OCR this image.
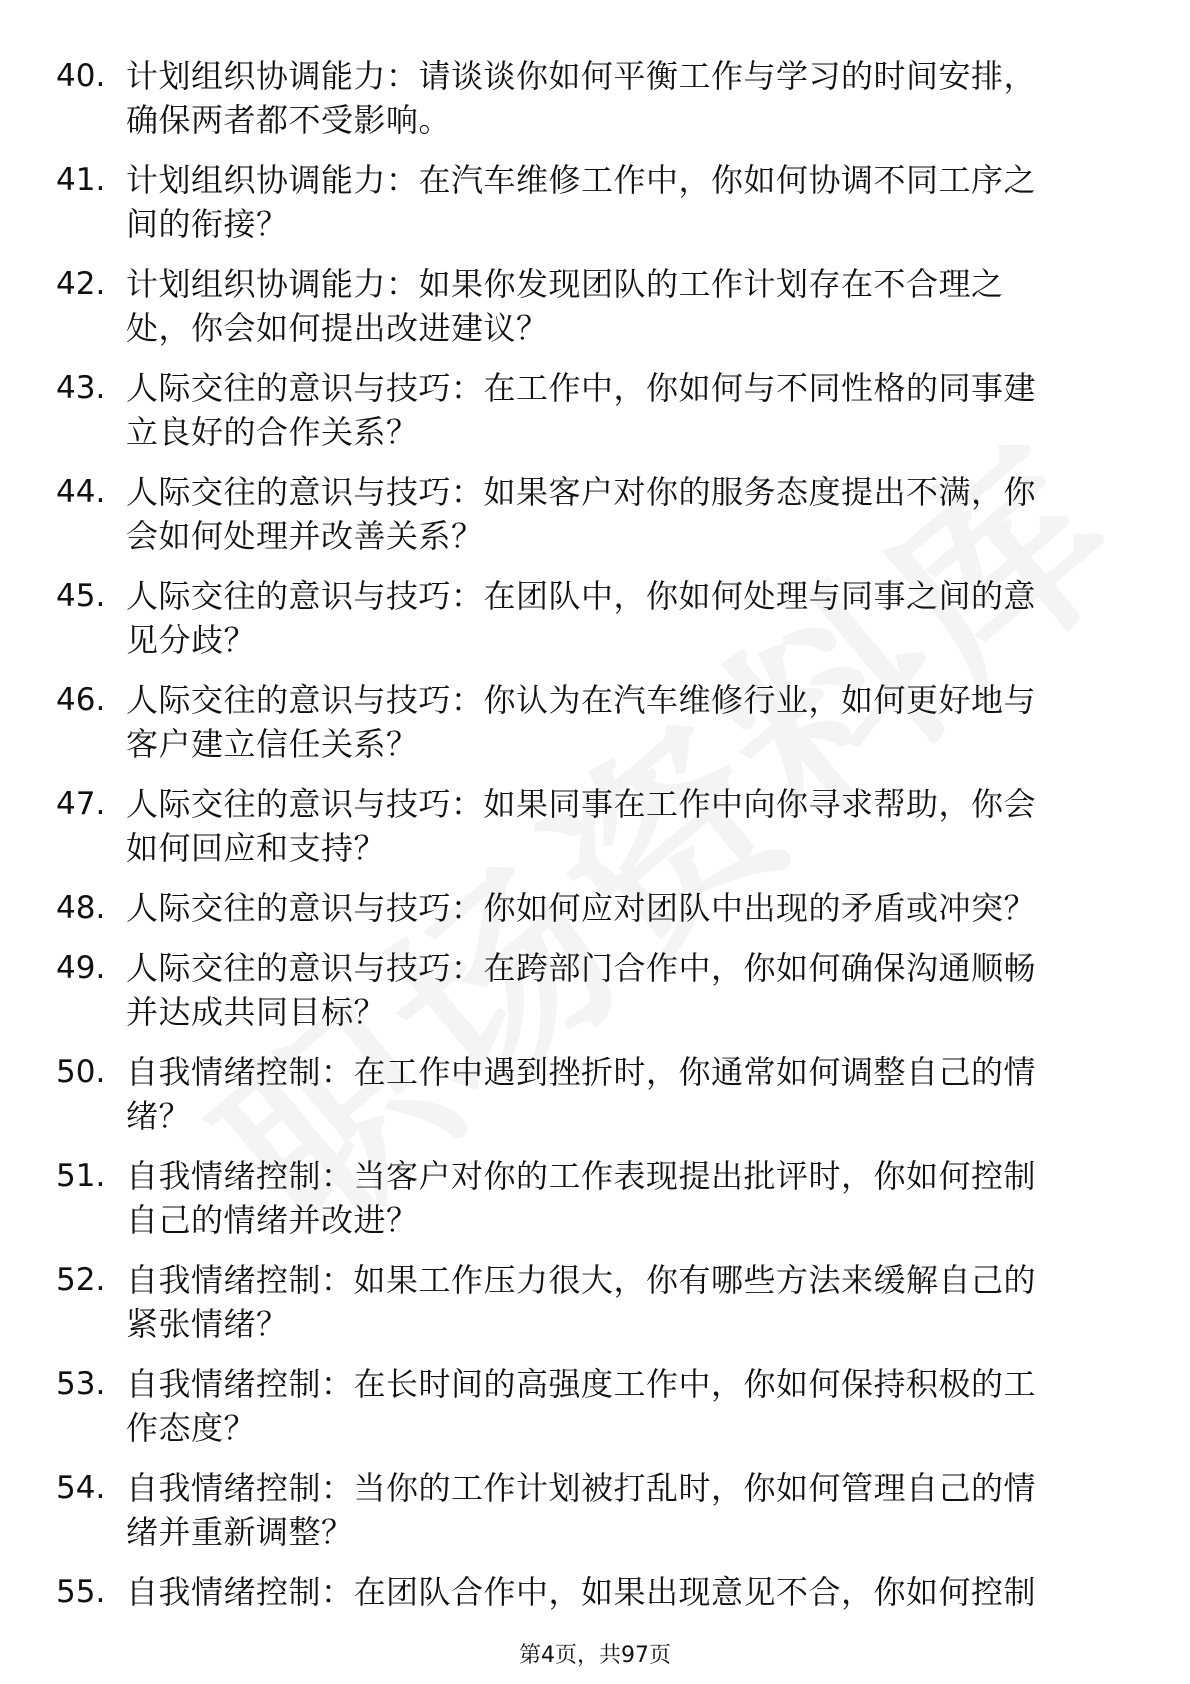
40. 计划组织协调能力：请谈谈你如何平衡工作与学习的时间安排，
确保两者都不受影响。
41. 计划组织协调能力：在汽车维修工作中，你如何协调不同工序之
间的衔接？
42. 计划组织协调能力：如果你发现团队的工作计划存在不合理之
处，你会如何提出改进建议？
43. 人际交往的意识与技巧：在工作中，你如何与不同性格的同事建
立良好的合作关系？
44. 人际交往的意识与技巧：如果客户对你的服务态度提出不满，你
会如何处理并改善关系？
45. 人际交往的意识与技巧：在团队中，你如何处理与同事之间的意
见分歧？
46. 人际交往的意识与技巧：你认为在汽车维修行业，如何更好地与
客户建立信任关系？
47. 人际交往的意识与技巧：如果同事在工作中向你寻求帮助，你会
如何回应和支持？
48. 人际交往的意识与技巧：你如何应对团队中出现的矛盾或冲突？
49. 人际交往的意识与技巧：在跨部门合作中，你如何确保沟通顺畅
并达成共同目标？
50. 自我情绪控制：在工作中遇到挫折时，你通常如何调整自己的情
绪？
51. 自我情绪控制：当客户对你的工作表现提出批评时，你如何控制
自己的情绪并改进？
52. 自我情绪控制：如果工作压力很大，你有哪些方法来缓解自己的
紧张情绪？
53. 自我情绪控制：在长时间的高强度工作中，你如何保持积极的工
作态度？
54. 自我情绪控制：当你的工作计划被打乱时，你如何管理自己的情
绪并重新调整？
55. 自我情绪控制：在团队合作中，如果出现意见不合，你如何控制
第4页，共97页
